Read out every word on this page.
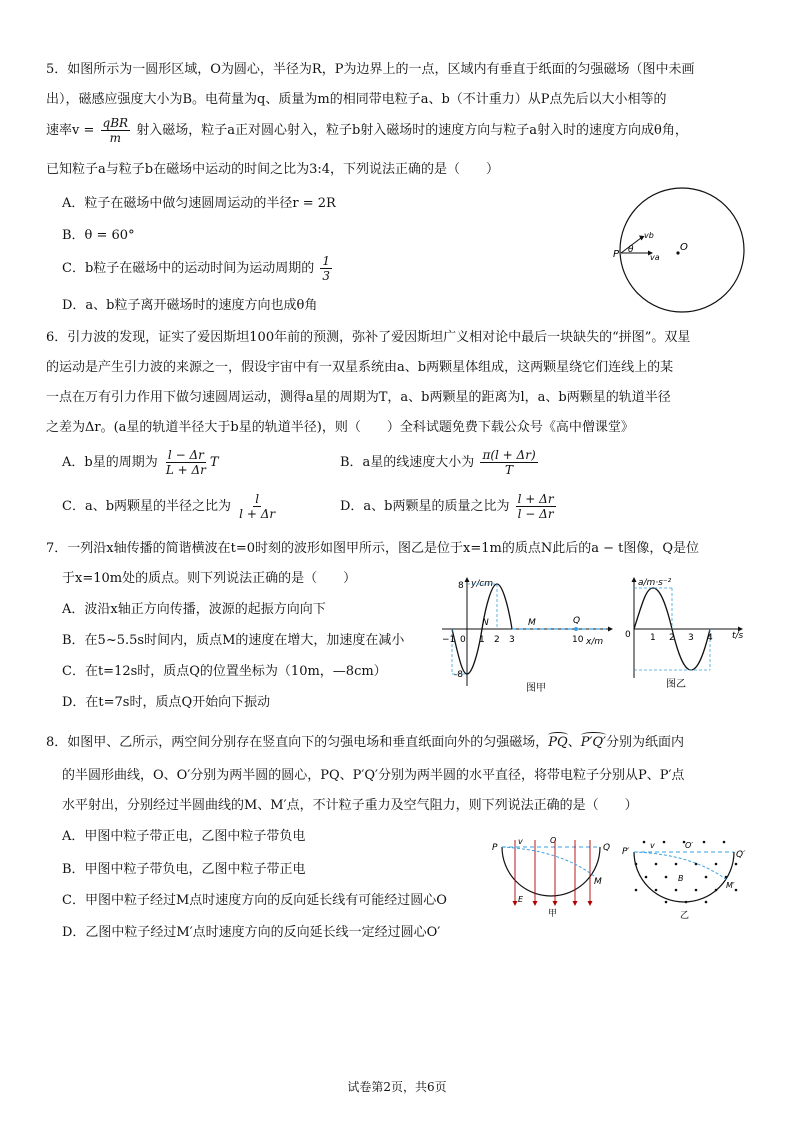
5．如图所示为一圆形区域，O为圆心，半径为R，P为边界上的一点，区域内有垂直于纸面的匀强磁场（图中未画
出），磁感应强度大小为B。电荷量为q、质量为m的相同带电粒子a、b（不计重力）从P点先后以大小相等的
速率$v = \frac{\text{qBR}}{m}$ 射入磁场，粒子a正对圆心射入，粒子b射入磁场时的速度方向与粒子a射入时的速度方向成θ角，
已知粒子a与粒子b在磁场中运动的时间之比为3:4，下列说法正确的是（　　）
A．粒子在磁场中做匀速圆周运动的半径r = 2R
B．θ = 60°
C．b粒子在磁场中的运动时间为运动周期的 $\frac{1}{3}$
D．a、b粒子离开磁场时的速度方向也成θ角
O
P
vb
va
θ
6．引力波的发现，证实了爱因斯坦100年前的预测，弥补了爱因斯坦广义相对论中最后一块缺失的“拼图”。双星
的运动是产生引力波的来源之一，假设宇宙中有一双星系统由a、b两颗星体组成，这两颗星绕它们连线上的某
一点在万有引力作用下做匀速圆周运动，测得a星的周期为T，a、b两颗星的距离为l，a、b两颗星的轨道半径
之差为Δr。(a星的轨道半径大于b星的轨道半径)，则（　　）全科试题免费下载公众号《高中僧课堂》
A．b星的周期为 $\frac{l - \Delta r}{L + \Delta r}$ T	B．a星的线速度大小为 $\frac{\pi(l + \Delta r)}{T}$
C．a、b两颗星的半径之比为 $\frac{l}{l + \Delta r}$	D．a、b两颗星的质量之比为 $\frac{l + \Delta r}{l - \Delta r}$
7．一列沿x轴传播的简谐横波在t=0时刻的波形如图甲所示，图乙是位于x=1m的质点N此后的a − t图像，Q是位
于x=10m处的质点。则下列说法正确的是（　　）
A．波沿x轴正方向传播，波源的起振方向向下
B．在5~5.5s时间内，质点M的速度在增大，加速度在减小
C．在t=12s时，质点Q的位置坐标为（10m，—8cm）
D．在t=7s时，质点Q开始向下振动
y/cm
x/m
8
-8
−1 0 1 2 3	10
N	M	Q
图甲
a/m·s⁻²
t/s
0 1 2 3 4
图乙
8．如图甲、乙所示，两空间分别存在竖直向下的匀强电场和垂直纸面向外的匀强磁场，PQ、P′Q′分别为纸面内
的半圆形曲线，O、O′分别为两半圆的圆心，PQ、P′Q′分别为两半圆的水平直径，将带电粒子分别从P、P′点
水平射出，分别经过半圆曲线的M、M′点，不计粒子重力及空气阻力，则下列说法正确的是（　　）
A．甲图中粒子带正电，乙图中粒子带负电
B．甲图中粒子带负电，乙图中粒子带正电
C．甲图中粒子经过M点时速度方向的反向延长线有可能经过圆心O
D．乙图中粒子经过M′点时速度方向的反向延长线一定经过圆心O′
P
v	O
Q
M
E
甲
P′
v	O′
Q′
B
M′
乙
试卷第2页，共6页
